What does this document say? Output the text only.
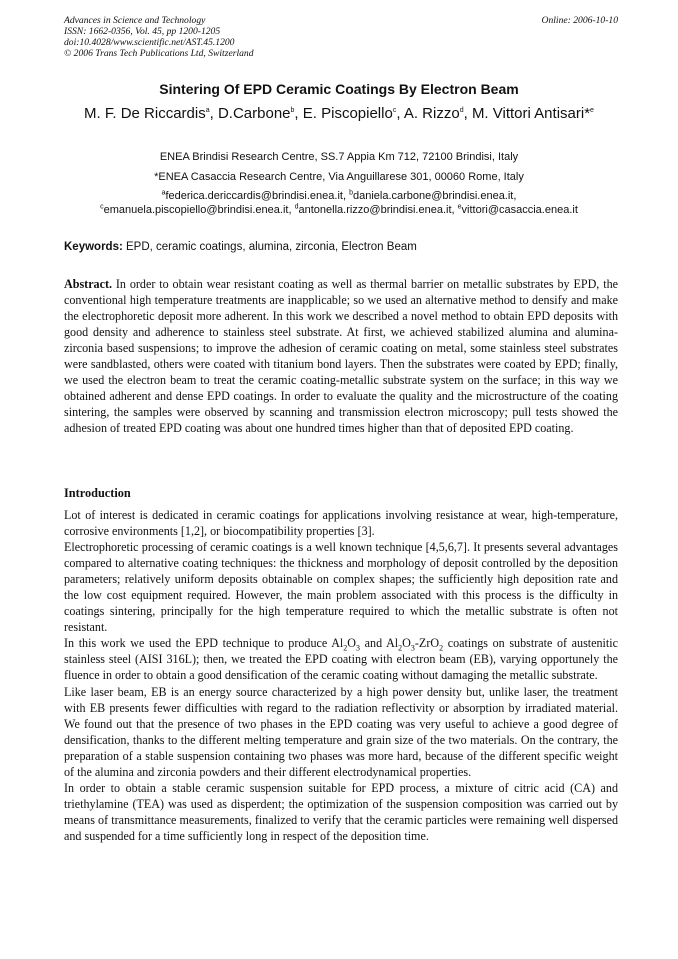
Advances in Science and Technology
ISSN: 1662-0356, Vol. 45, pp 1200-1205
doi:10.4028/www.scientific.net/AST.45.1200
© 2006 Trans Tech Publications Ltd, Switzerland
Online: 2006-10-10
Sintering Of EPD Ceramic Coatings By Electron Beam
M. F. De Riccardis$^a$, D.Carbone$^b$, E. Piscopiello$^c$, A. Rizzo$^d$, M. Vittori Antisari*$^e$
ENEA Brindisi Research Centre, SS.7 Appia Km 712, 72100 Brindisi, Italy
*ENEA Casaccia Research Centre, Via Anguillarese 301, 00060 Rome, Italy
$^a$federica.dericcardis@brindisi.enea.it, $^b$daniela.carbone@brindisi.enea.it,
$^c$emanuela.piscopiello@brindisi.enea.it, $^d$antonella.rizzo@brindisi.enea.it, $^e$vittori@casaccia.enea.it
Keywords: EPD, ceramic coatings, alumina, zirconia, Electron Beam

Abstract. In order to obtain wear resistant coating as well as thermal barrier on metallic substrates by EPD, the conventional high temperature treatments are inapplicable; so we used an alternative method to densify and make the electrophoretic deposit more adherent. In this work we described a novel method to obtain EPD deposits with good density and adherence to stainless steel substrate. At first, we achieved stabilized alumina and alumina-zirconia based suspensions; to improve the adhesion of ceramic coating on metal, some stainless steel substrates were sandblasted, others were coated with titanium bond layers. Then the substrates were coated by EPD; finally, we used the electron beam to treat the ceramic coating-metallic substrate system on the surface; in this way we obtained adherent and dense EPD coatings. In order to evaluate the quality and the microstructure of the coating sintering, the samples were observed by scanning and transmission electron microscopy; pull tests showed the adhesion of treated EPD coating was about one hundred times higher than that of deposited EPD coating.

Introduction

Lot of interest is dedicated in ceramic coatings for applications involving resistance at wear, high-temperature, corrosive environments [1,2], or biocompatibility properties [3].

Electrophoretic processing of ceramic coatings is a well known technique [4,5,6,7]. It presents several advantages compared to alternative coating techniques: the thickness and morphology of deposit controlled by the deposition parameters; relatively uniform deposits obtainable on complex shapes; the sufficiently high deposition rate and the low cost equipment required. However, the main problem associated with this process is the difficulty in coatings sintering, principally for the high temperature required to which the metallic substrate is often not resistant.

In this work we used the EPD technique to produce $Al_2O_3$ and $Al_2O_3-ZrO_2$ coatings on substrate of austenitic stainless steel (AISI 316L); then, we treated the EPD coating with electron beam (EB), varying opportunely the fluence in order to obtain a good densification of the ceramic coating without damaging the metallic substrate.

Like laser beam, EB is an energy source characterized by a high power density but, unlike laser, the treatment with EB presents fewer difficulties with regard to the radiation reflectivity or absorption by irradiated material. We found out that the presence of two phases in the EPD coating was very useful to achieve a good degree of densification, thanks to the different melting temperature and grain size of the two materials. On the contrary, the preparation of a stable suspension containing two phases was more hard, because of the different specific weight of the alumina and zirconia powders and their different electrodynamical properties.

In order to obtain a stable ceramic suspension suitable for EPD process, a mixture of citric acid (CA) and triethylamine (TEA) was used as disperdent; the optimization of the suspension composition was carried out by means of transmittance measurements, finalized to verify that the ceramic particles were remaining well dispersed and suspended for a time sufficiently long in respect of the deposition time.
